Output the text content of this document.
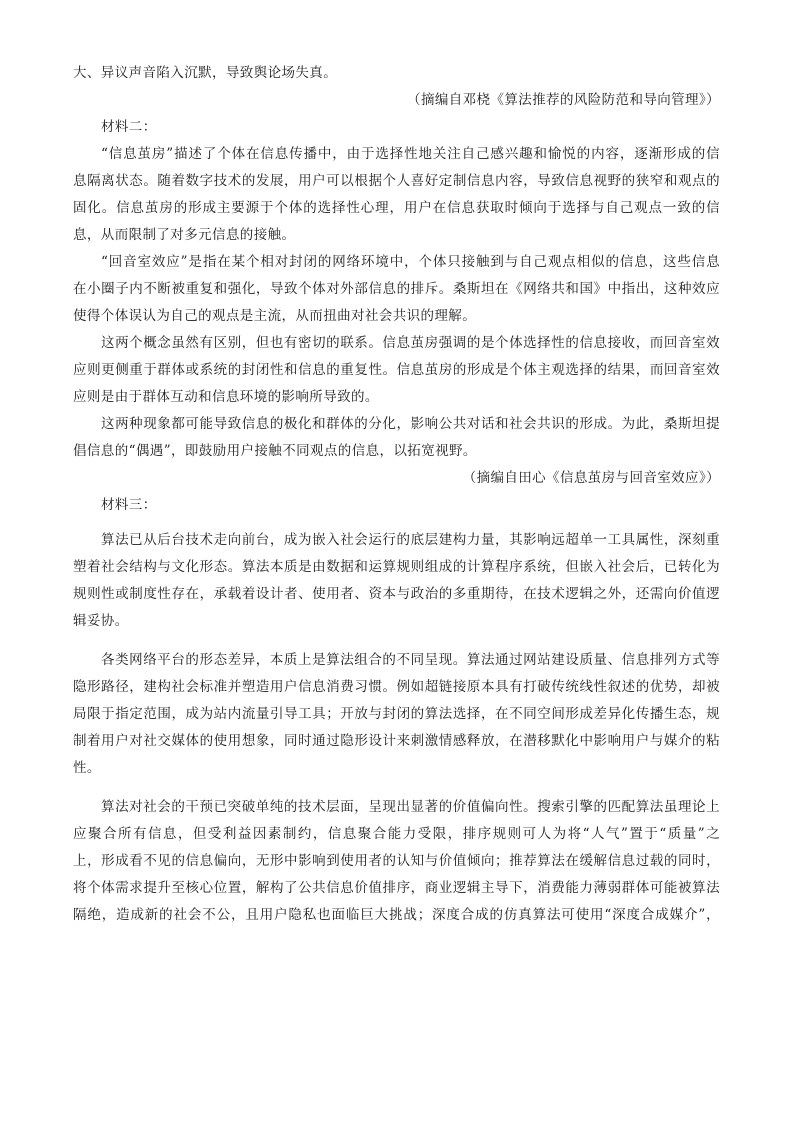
大、异议声音陷入沉默，导致舆论场失真。
（摘编自邓桡《算法推荐的风险防范和导向管理》）
材料二：
“信息茧房”描述了个体在信息传播中，由于选择性地关注自己感兴趣和愉悦的内容，逐渐形成的信
息隔离状态。随着数字技术的发展，用户可以根据个人喜好定制信息内容，导致信息视野的狭窄和观点的
固化。信息茧房的形成主要源于个体的选择性心理，用户在信息获取时倾向于选择与自己观点一致的信
息，从而限制了对多元信息的接触。
“回音室效应”是指在某个相对封闭的网络环境中，个体只接触到与自己观点相似的信息，这些信息
在小圈子内不断被重复和强化，导致个体对外部信息的排斥。桑斯坦在《网络共和国》中指出，这种效应
使得个体误认为自己的观点是主流，从而扭曲对社会共识的理解。
这两个概念虽然有区别，但也有密切的联系。信息茧房强调的是个体选择性的信息接收，而回音室效
应则更侧重于群体或系统的封闭性和信息的重复性。信息茧房的形成是个体主观选择的结果，而回音室效
应则是由于群体互动和信息环境的影响所导致的。
这两种现象都可能导致信息的极化和群体的分化，影响公共对话和社会共识的形成。为此，桑斯坦提
倡信息的“偶遇”，即鼓励用户接触不同观点的信息，以拓宽视野。
（摘编自田心《信息茧房与回音室效应》）
材料三：
算法已从后台技术走向前台，成为嵌入社会运行的底层建构力量，其影响远超单一工具属性，深刻重
塑着社会结构与文化形态。算法本质是由数据和运算规则组成的计算程序系统，但嵌入社会后，已转化为
规则性或制度性存在，承载着设计者、使用者、资本与政治的多重期待，在技术逻辑之外，还需向价值逻
辑妥协。
各类网络平台的形态差异，本质上是算法组合的不同呈现。算法通过网站建设质量、信息排列方式等
隐形路径，建构社会标准并塑造用户信息消费习惯。例如超链接原本具有打破传统线性叙述的优势，却被
局限于指定范围，成为站内流量引导工具；开放与封闭的算法选择，在不同空间形成差异化传播生态，规
制着用户对社交媒体的使用想象，同时通过隐形设计来刺激情感释放，在潜移默化中影响用户与媒介的粘
性。
算法对社会的干预已突破单纯的技术层面，呈现出显著的价值偏向性。搜索引擎的匹配算法虽理论上
应聚合所有信息，但受利益因素制约，信息聚合能力受限，排序规则可人为将“人气”置于“质量”之
上，形成看不见的信息偏向，无形中影响到使用者的认知与价值倾向；推荐算法在缓解信息过载的同时，
将个体需求提升至核心位置，解构了公共信息价值排序，商业逻辑主导下，消费能力薄弱群体可能被算法
隔绝，造成新的社会不公，且用户隐私也面临巨大挑战；深度合成的仿真算法可使用“深度合成媒介”，
